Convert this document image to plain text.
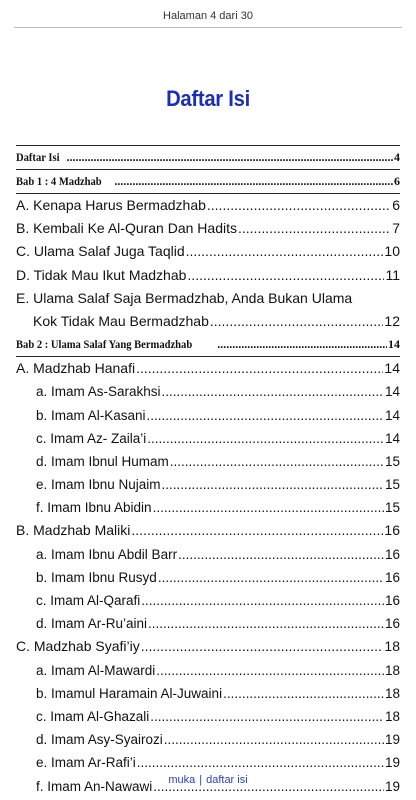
Halaman 4 dari 30
Daftar Isi
Daftar Isi .....	4
Bab 1 : 4 Madzhab .....	6
A. Kenapa Harus Bermadzhab .....	6
B. Kembali Ke Al-Quran Dan Hadits .....	7
C. Ulama Salaf Juga Taqlid .....	10
D. Tidak Mau Ikut Madzhab .....	11
E. Ulama Salaf Saja Bermadzhab, Anda Bukan Ulama
Kok Tidak Mau Bermadzhab .....	12
Bab 2 : Ulama Salaf Yang Bermadzhab .....	14
A. Madzhab Hanafi .....	14
a. Imam As-Sarakhsi .....	14
b. Imam Al-Kasani .....	14
c. Imam Az- Zaila’i .....	14
d. Imam Ibnul Humam .....	15
e. Imam Ibnu Nujaim .....	15
f. Imam Ibnu Abidin .....	15
B. Madzhab Maliki .....	16
a. Imam Ibnu Abdil Barr .....	16
b. Imam Ibnu Rusyd .....	16
c. Imam Al-Qarafi .....	16
d. Imam Ar-Ru’aini .....	16
C. Madzhab Syafi’iy .....	18
a. Imam Al-Mawardi .....	18
b. Imamul Haramain Al-Juwaini .....	18
c. Imam Al-Ghazali .....	18
d. Imam Asy-Syairozi .....	19
e. Imam Ar-Rafi’i .....	19
f. Imam An-Nawawi .....	19
muka | daftar isi
